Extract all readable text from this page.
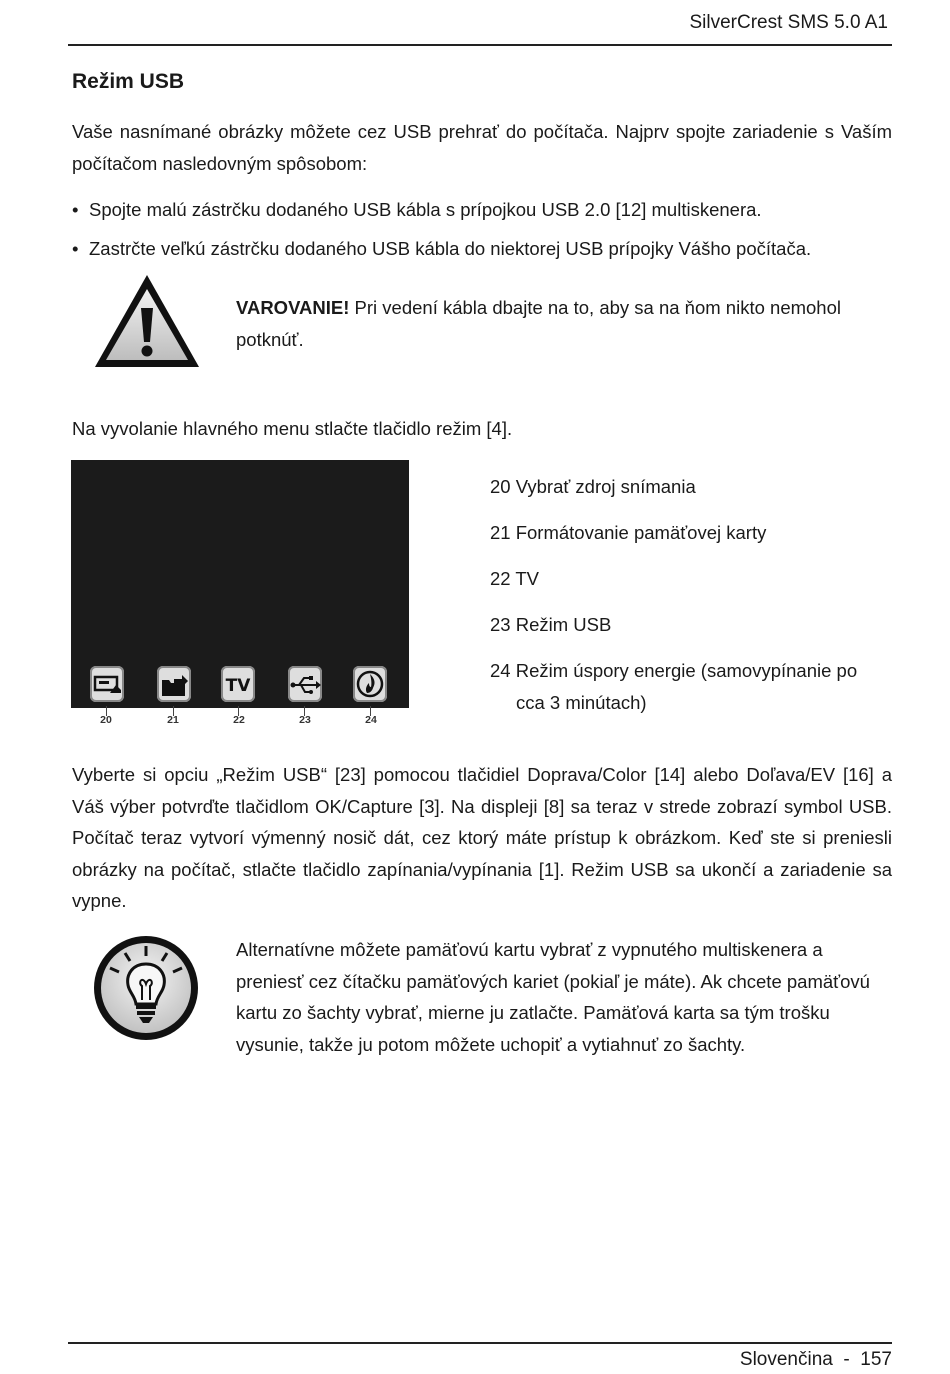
SilverCrest SMS 5.0 A1
Režim USB
Vaše nasnímané obrázky môžete cez USB prehrať do počítača. Najprv spojte zariadenie s Vaším počítačom nasledovným spôsobom:
• Spojte malú zástrčku dodaného USB kábla s prípojkou USB 2.0 [12] multiskenera.
• Zastrčte veľkú zástrčku dodaného USB kábla do niektorej USB prípojky Vášho počítača.
VAROVANIE! Pri vedení kábla dbajte na to, aby sa na ňom nikto nemohol potknúť.
Na vyvolanie hlavného menu stlačte tlačidlo režim [4].
TV
20	21	22	23	24
20 Vybrať zdroj snímania
21 Formátovanie pamäťovej karty
22 TV
23 Režim USB
24 Režim úspory energie (samovypínanie po
cca 3 minútach)
Vyberte si opciu „Režim USB“ [23] pomocou tlačidiel Doprava/Color [14] alebo Doľava/EV [16] a Váš výber potvrďte tlačidlom OK/Capture [3]. Na displeji [8] sa teraz v strede zobrazí symbol USB. Počítač teraz vytvorí výmenný nosič dát, cez ktorý máte prístup k obrázkom. Keď ste si preniesli obrázky na počítač, stlačte tlačidlo zapínania/vypínania [1]. Režim USB sa ukončí a zariadenie sa vypne.
Alternatívne môžete pamäťovú kartu vybrať z vypnutého multiskenera a preniesť cez čítačku pamäťových kariet (pokiaľ je máte). Ak chcete pamäťovú kartu zo šachty vybrať, mierne ju zatlačte. Pamäťová karta sa tým trošku vysunie, takže ju potom môžete uchopiť a vytiahnuť zo šachty.
Slovenčina  -  157
